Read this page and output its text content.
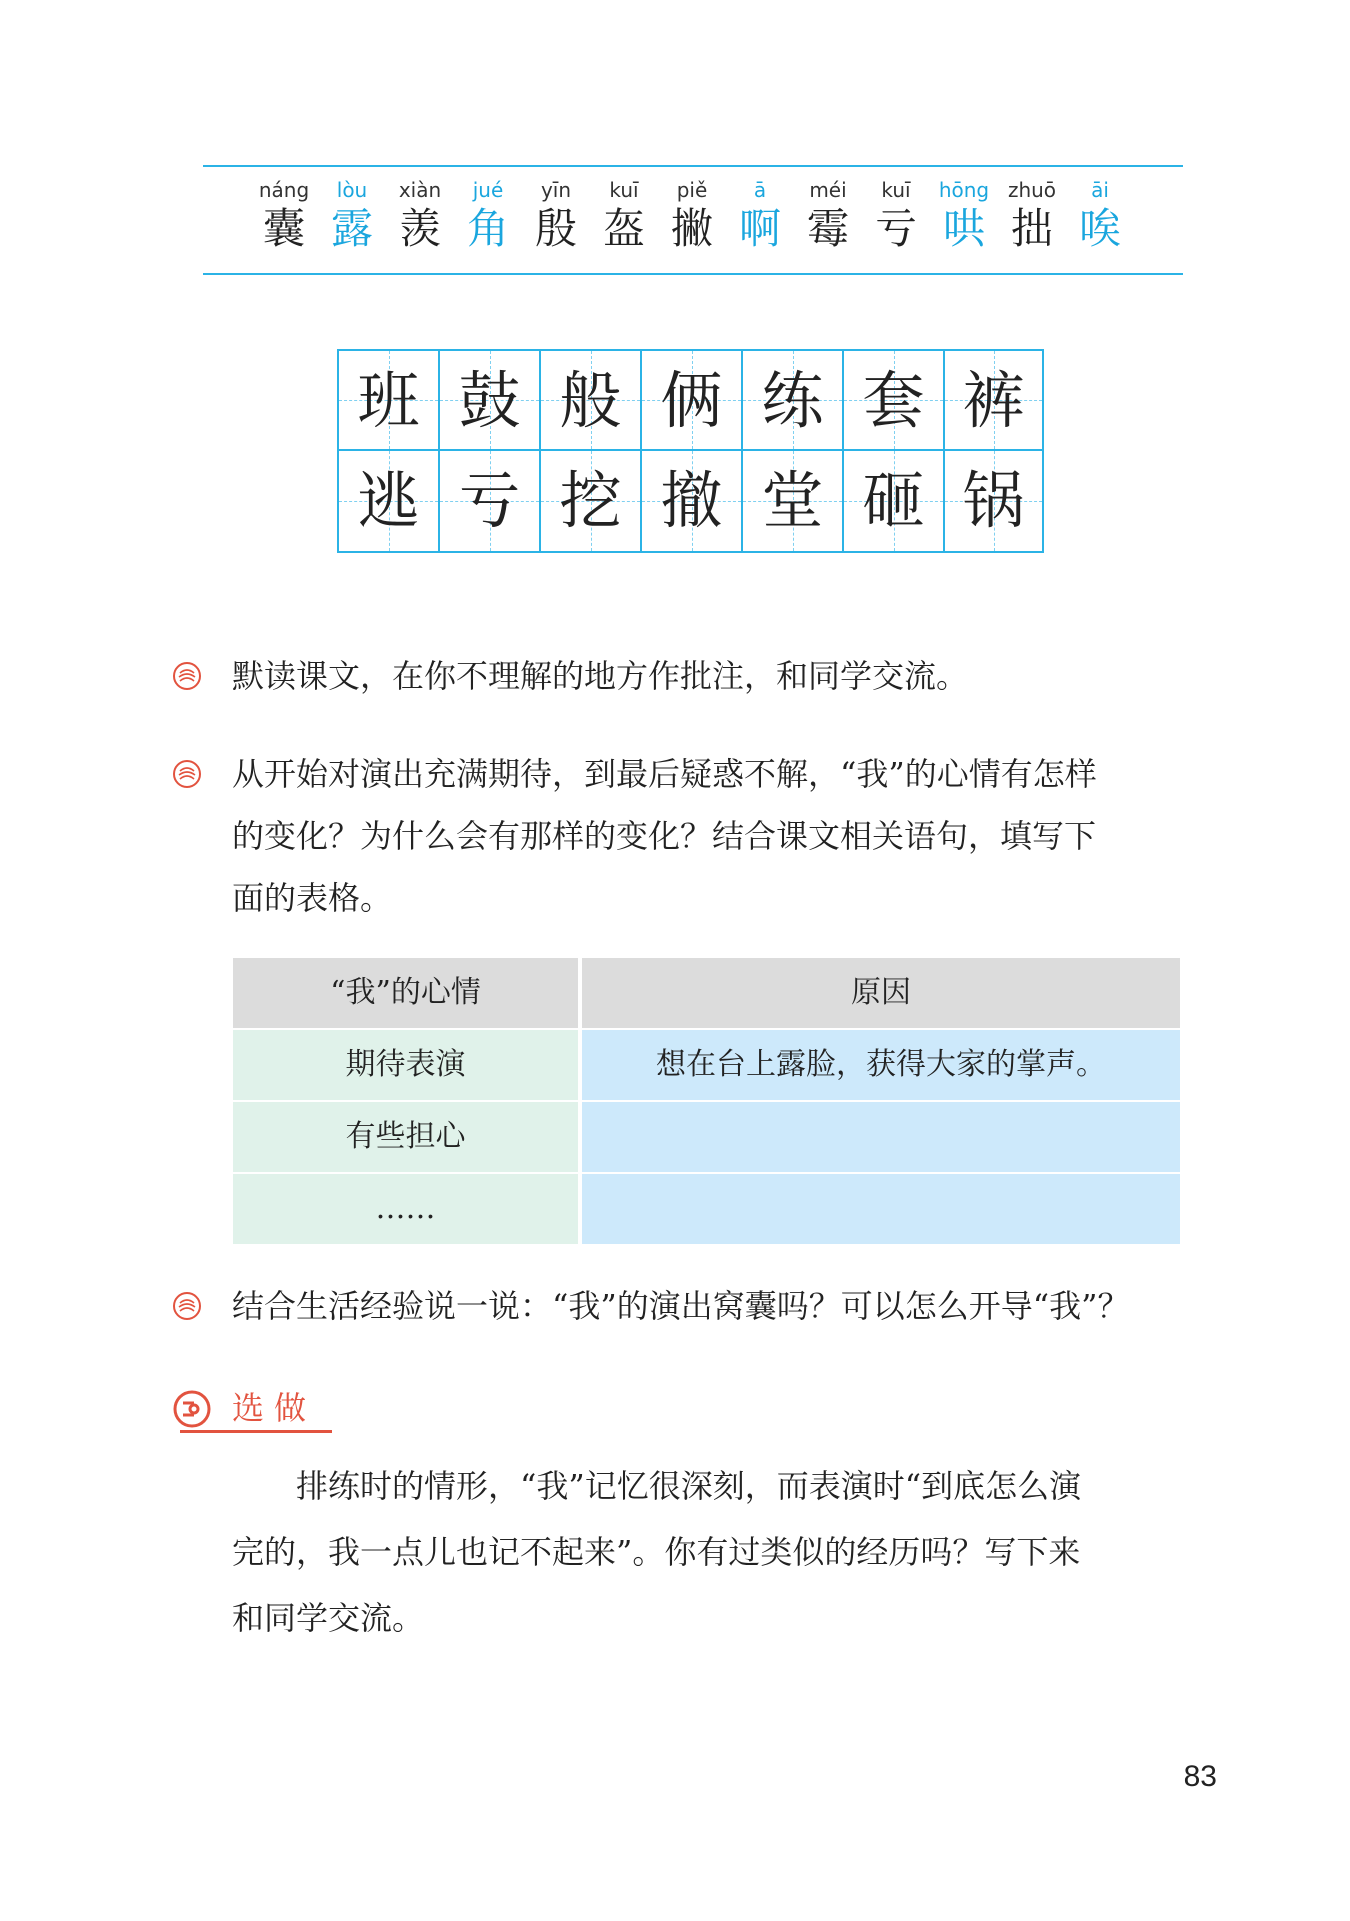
náng
囊
lòu
露
xiàn
羡
jué
角
yīn
殷
kuī
盔
piě
撇
ā
啊
méi
霉
kuī
亏
hōng
哄
zhuō
拙
āi
唉
班 鼓 般 俩 练 套 裤
逃 亏 挖 撤 堂 砸 锅
默读课文，在你不理解的地方作批注，和同学交流。
从开始对演出充满期待，到最后疑惑不解，“我”的心情有怎样
的变化？为什么会有那样的变化？结合课文相关语句，填写下
面的表格。
“我”的心情	原因
期待表演	想在台上露脸，获得大家的掌声。
有些担心
……
结合生活经验说一说：“我”的演出窝囊吗？可以怎么开导“我”？
选做
排练时的情形，“我”记忆很深刻，而表演时“到底怎么演
完的，我一点儿也记不起来”。你有过类似的经历吗？写下来
和同学交流。
83
